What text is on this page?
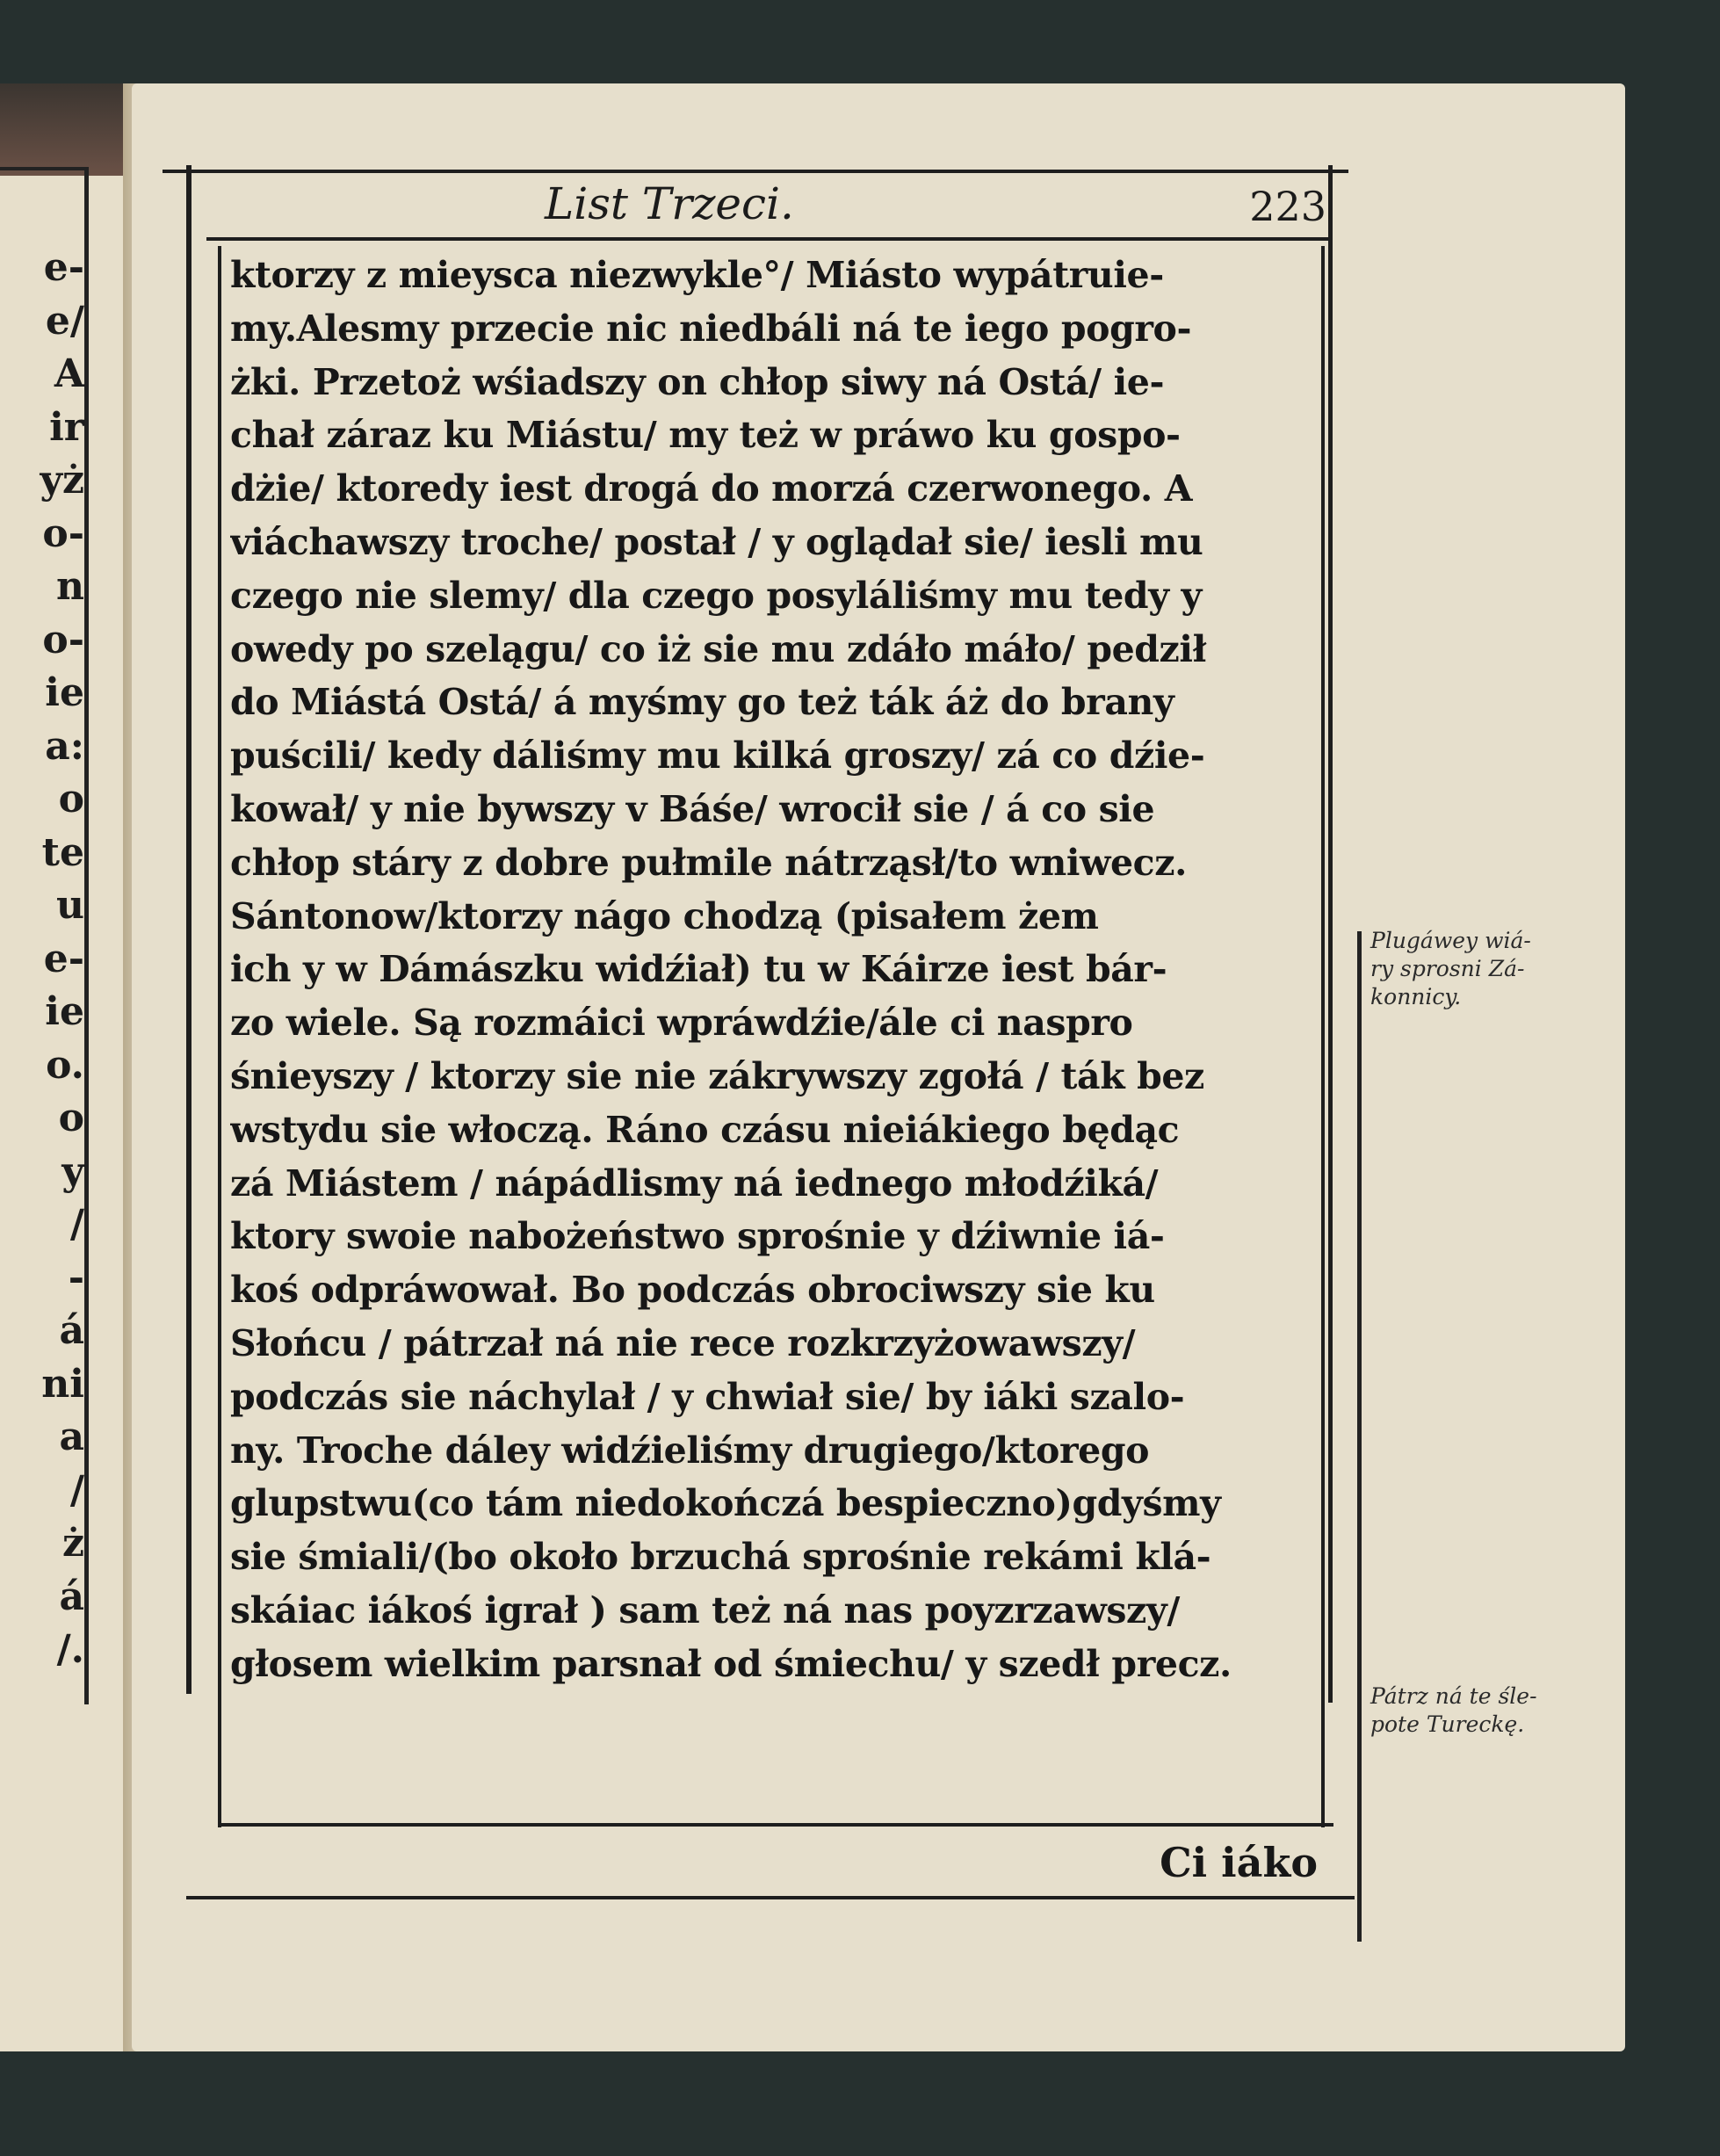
e-
e/
A
ir
yż
o-
n
o-
ie
a:
o
te
u
e-
ie
o.
o
y
/
-
á
ni
a
/
ż
á
/.
List Trzeci.	223
ktorzy z mieysca niezwykle°/ Miásto wypátruie-
my.Alesmy przecie nic niedbáli ná te iego pogro-
żki. Przetoż wśiadszy on chłop siwy ná Ostá/ ie-
chał záraz ku Miástu/ my też w práwo ku gospo-
dżie/ ktoredy iest drogá do morzá czerwonego. A
viáchawszy troche/ postał / y oglądał sie/ iesli mu
czego nie slemy/ dla czego posyláliśmy mu tedy y
owedy po szelągu/ co iż sie mu zdáło máło/ pedził
do Miástá Ostá/ á myśmy go też ták áż do brany
puścili/ kedy dáliśmy mu kilká groszy/ zá co dźie-
kował/ y nie bywszy v Báśe/ wrocił sie / á co sie
chłop stáry z dobre pułmile nátrząsł/to wniwecz.
Sántonow/ktorzy nágo chodzą (pisałem żem
ich y w Dámászku widźiał) tu w Káirze iest bár-
zo wiele. Są rozmáici wpráwdźie/ále ci naspro
śnieyszy / ktorzy sie nie zákrywszy zgołá / ták bez
wstydu sie włoczą. Ráno czásu nieiákiego będąc
zá Miástem / nápádlismy ná iednego młodźiká/
ktory swoie nabożeństwo sprośnie y dźiwnie iá-
koś odpráwował. Bo podczás obrociwszy sie ku
Słońcu / pátrzał ná nie rece rozkrzyżowawszy/
podczás sie náchylał / y chwiał sie/ by iáki szalo-
ny. Troche dáley widźieliśmy drugiego/ktorego
glupstwu(co tám niedokończá bespieczno)gdyśmy
sie śmiali/(bo około brzuchá sprośnie rekámi klá-
skáiac iákoś igrał ) sam też ná nas poyzrzawszy/
głosem wielkim parsnał od śmiechu/ y szedł precz.
Ci iáko
Plugáwey wiá-
ry sprosni Zá-
konnicy.
Pátrz ná te śle-
pote Tureckę.
